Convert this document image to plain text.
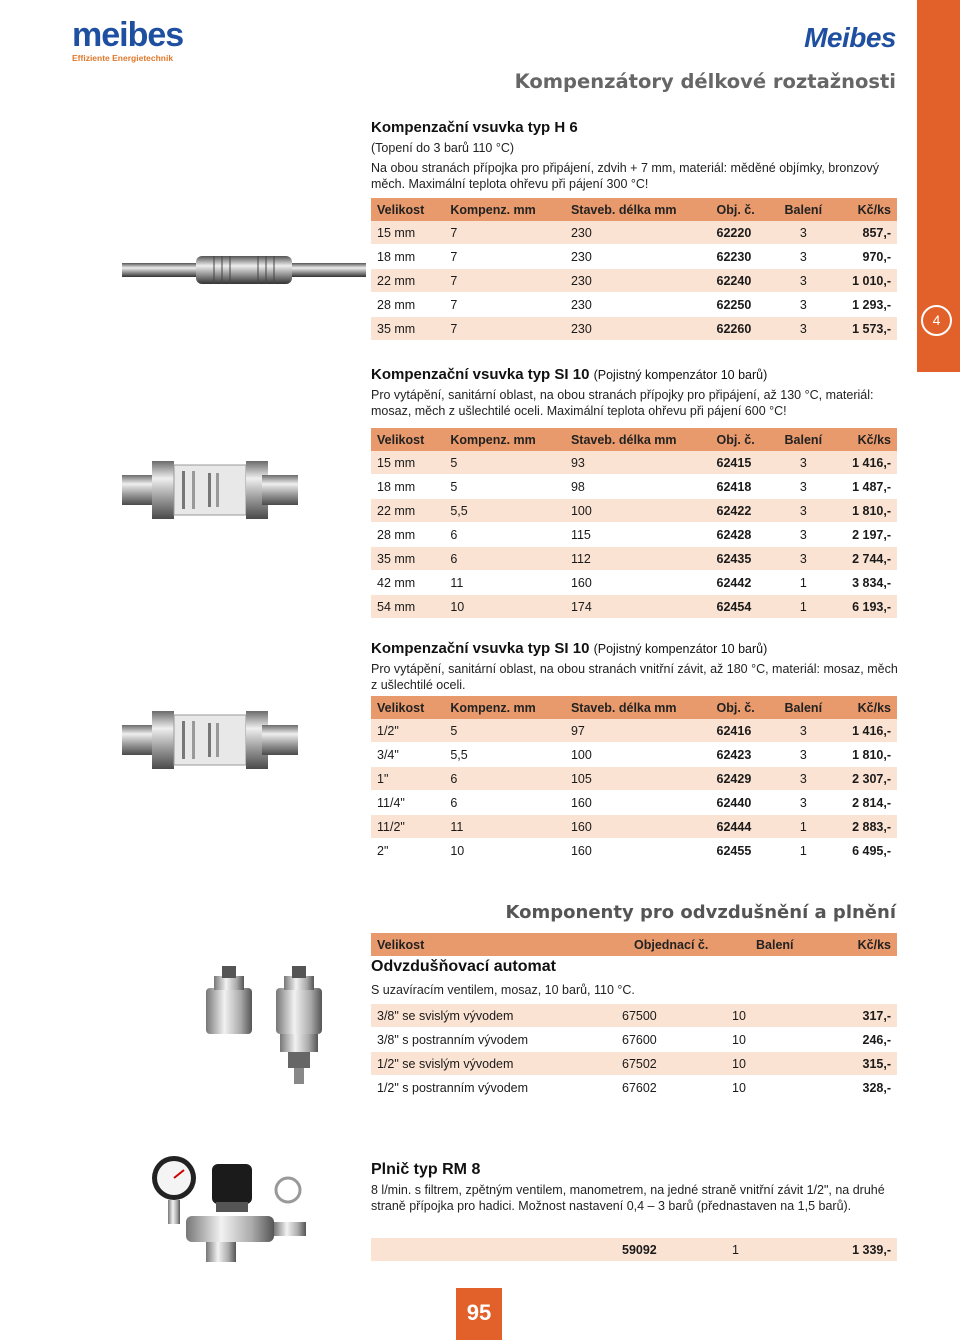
meibes
Effiziente Energietechnik
Meibes
4
Kompenzátory délkové roztažnosti
Kompenzační vsuvka typ H 6
(Topení do 3 barů 110 °C)
Na obou stranách přípojka pro připájení, zdvih + 7 mm, materiál: měděné objímky, bronzový měch. Maximální teplota ohřevu při pájení 300 °C!
Velikost	Kompenz. mm	Staveb. délka mm	Obj. č.	Balení	Kč/ks
15 mm	7	230	62220	3	857,-
18 mm	7	230	62230	3	970,-
22 mm	7	230	62240	3	1 010,-
28 mm	7	230	62250	3	1 293,-
35 mm	7	230	62260	3	1 573,-
Kompenzační vsuvka typ SI 10 (Pojistný kompenzátor 10 barů)
Pro vytápění, sanitární oblast, na obou stranách přípojky pro připájení, až 130 °C, materiál: mosaz, měch z ušlechtilé oceli. Maximální teplota ohřevu při pájení 600 °C!
Velikost	Kompenz. mm	Staveb. délka mm	Obj. č.	Balení	Kč/ks
15 mm	5	93	62415	3	1 416,-
18 mm	5	98	62418	3	1 487,-
22 mm	5,5	100	62422	3	1 810,-
28 mm	6	115	62428	3	2 197,-
35 mm	6	112	62435	3	2 744,-
42 mm	11	160	62442	1	3 834,-
54 mm	10	174	62454	1	6 193,-
Kompenzační vsuvka typ SI 10 (Pojistný kompenzátor 10 barů)
Pro vytápění, sanitární oblast, na obou stranách vnitřní závit, až 180 °C, materiál: mosaz, měch z ušlechtilé oceli.
Velikost	Kompenz. mm	Staveb. délka mm	Obj. č.	Balení	Kč/ks
1/2"	5	97	62416	3	1 416,-
3/4"	5,5	100	62423	3	1 810,-
1"	6	105	62429	3	2 307,-
11/4"	6	160	62440	3	2 814,-
11/2"	11	160	62444	1	2 883,-
2"	10	160	62455	1	6 495,-
Komponenty pro odvzdušnění a plnění
Velikost	Objednací č.	Balení	Kč/ks
Odvzdušňovací automat
S uzavíracím ventilem, mosaz, 10 barů, 110 °C.
3/8" se svislým vývodem	67500	10	317,-
3/8" s postranním vývodem	67600	10	246,-
1/2" se svislým vývodem	67502	10	315,-
1/2" s postranním vývodem	67602	10	328,-
Plnič typ RM 8
8 l/min. s filtrem, zpětným ventilem, manometrem, na jedné straně vnitřní závit 1/2", na druhé straně přípojka pro hadici. Možnost nastavení 0,4 – 3 barů (přednastaven na 1,5 barů).
	59092	1	1 339,-
95
